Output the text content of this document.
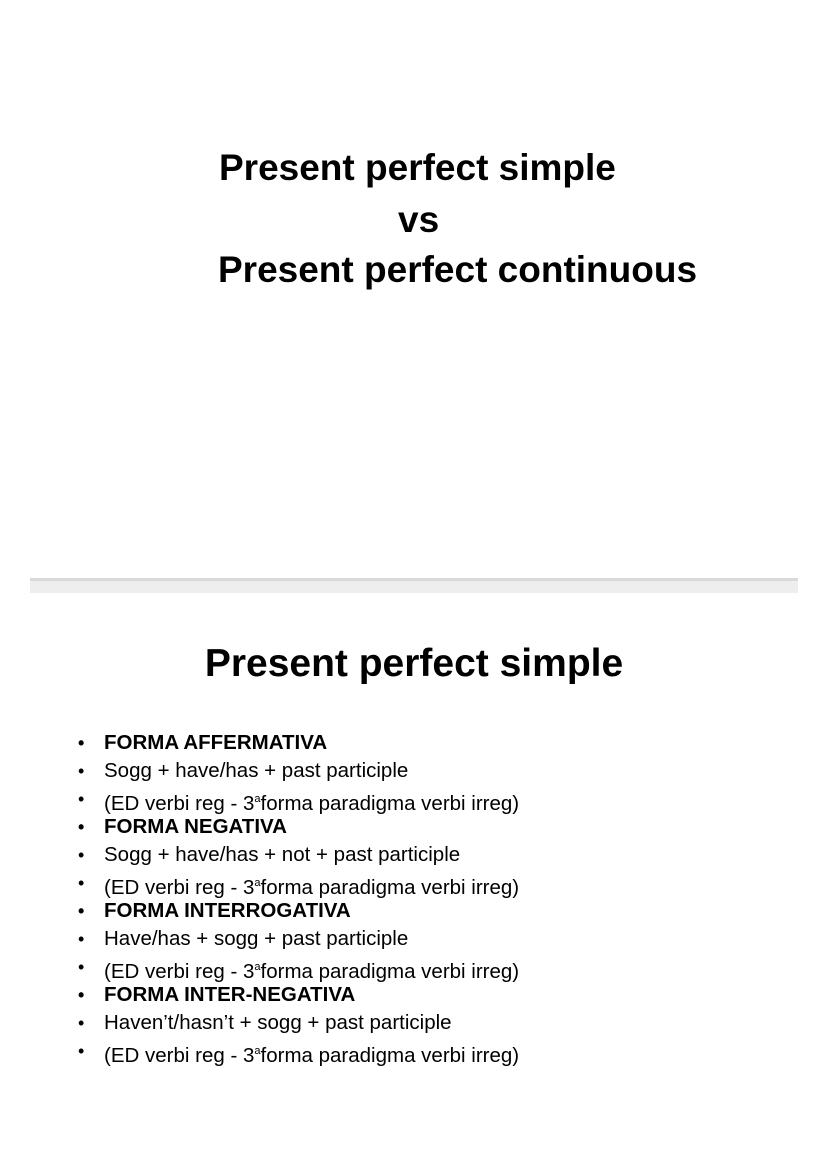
Present perfect simple
vs
Present perfect continuous
Present perfect simple
• FORMA AFFERMATIVA
• Sogg + have/has + past participle
• (ED verbi reg - 3$^a$forma paradigma verbi irreg)
• FORMA NEGATIVA
• Sogg + have/has + not + past participle
• (ED verbi reg - 3$^a$forma paradigma verbi irreg)
• FORMA INTERROGATIVA
• Have/has + sogg + past participle
• (ED verbi reg - 3$^a$forma paradigma verbi irreg)
• FORMA INTER-NEGATIVA
• Haven’t/hasn’t + sogg + past participle
• (ED verbi reg - 3$^a$forma paradigma verbi irreg)
